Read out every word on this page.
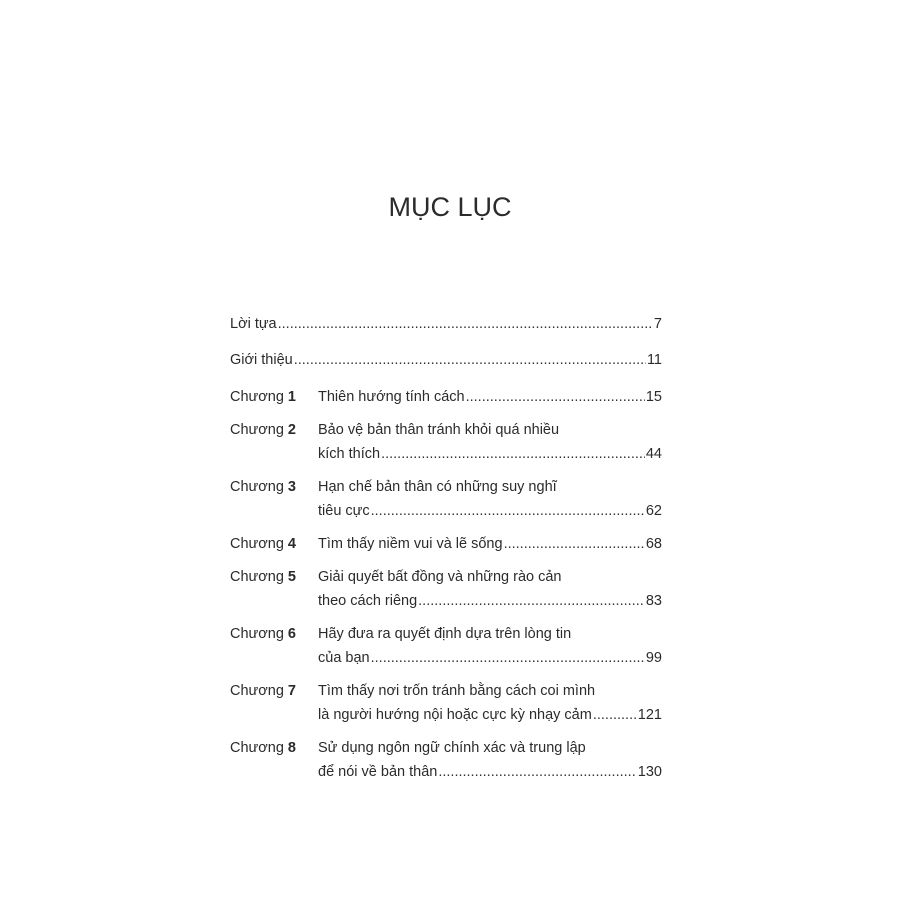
MỤC LỤC
Lời tựa .....	7
Giới thiệu .....	11
Chương 1	Thiên hướng tính cách .....	15
Chương 2	Bảo vệ bản thân tránh khỏi quá nhiều
kích thích .....	44
Chương 3	Hạn chế bản thân có những suy nghĩ
tiêu cực .....	62
Chương 4	Tìm thấy niềm vui và lẽ sống .....	68
Chương 5	Giải quyết bất đồng và những rào cản
theo cách riêng .....	83
Chương 6	Hãy đưa ra quyết định dựa trên lòng tin
của bạn .....	99
Chương 7	Tìm thấy nơi trốn tránh bằng cách coi mình
là người hướng nội hoặc cực kỳ nhạy cảm .....	121
Chương 8	Sử dụng ngôn ngữ chính xác và trung lập
để nói về bản thân .....	130
